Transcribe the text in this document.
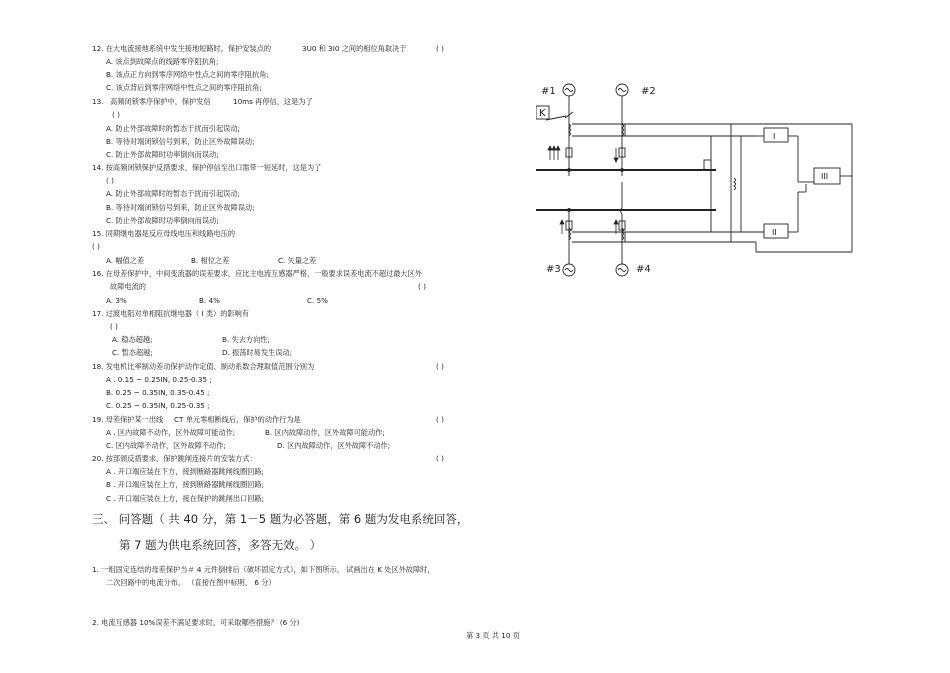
12. 在大电流接地系统中发生接地短路时，保护安装点的	3U0 和 3I0 之间的相位角取决于	( )
A. 该点到故障点的线路零序阻抗角;
B. 该点正方向到零序网络中性点之间的零序阻抗角;
C. 该点背后到零序网络中性点之间的零序阻抗角;
13. 高频闭锁零序保护中，保护发信	10ms 再停信，这是为了
( )
A. 防止外部故障时的暂态干扰而引起误动;
B. 等待对端闭锁信号到来，防止区外故障误动;
C. 防止外部故障时功率倒向而误动;
14. 按高频闭锁保护反措要求，保护停信至出口需带一短延时，这是为了
( )
A. 防止外部故障时的暂态干扰而引起误动;
B. 等待对端闭锁信号到来，防止区外故障误动;
C. 防止外部故障时功率倒向而误动;
15. 同期继电器是反应母线电压和线路电压的
( )
A. 幅值之差	B. 相位之差	C. 矢量之差
16. 在母差保护中，中间变流器的误差要求，应比主电流互感器严格，一般要求误差电流不超过最大区外
故障电流的	( )
A. 3%	B. 4%	C. 5%
17. 过渡电阻对单相阻抗继电器（ I 类）的影响有
( )
A. 稳态超越;	B. 失去方向性;
C. 暂态超越;	D. 振荡时易发生误动;
18. 发电机比率制动差动保护动作定值、制动系数合理取值范围分别为	( )
A . 0.15 ~ 0.25IN, 0.25-0.35 ;
B. 0.25 ~ 0.35IN, 0.35-0.45 ;
C. 0.25 ~ 0.35IN, 0.25-0.35 ;
19. 母差保护某一出线 CT 单元零相断线后，保护的动作行为是	( )
A . 区内故障不动作，区外故障可能动作;	B. 区内故障动作，区外故障可能动作;
C. 区内故障不动作，区外故障不动作;	D. 区内故障动作，区外故障不动作;
20. 按部颁反措要求，保护跳闸连接片的安装方式：	( )
A . 开口端应装在下方，接到断路器跳闸线圈回路;
B . 开口端应装在上方，接到断路器跳闸线圈回路;
C . 开口端应装在上方，接在保护的跳闸出口回路;
三、 问答题（ 共 40 分，第 1－5 题为必答题，第 6 题为发电系统回答，
第 7 题为供电系统回答，多答无效。 ）
1. 一组固定连结的母差保护当＃ 4 元件倒排后（破坏固定方式），如下图所示， 试画出在 K 处区外故障时，
二次回路中的电流分布。 （直接在图中标明， 6 分）
2. 电流互感器 10%误差不满足要求时，可采取哪些措施？ (6 分)
第 3 页 共 10 页
#1	#2
#3	#4
K
I
II
III
